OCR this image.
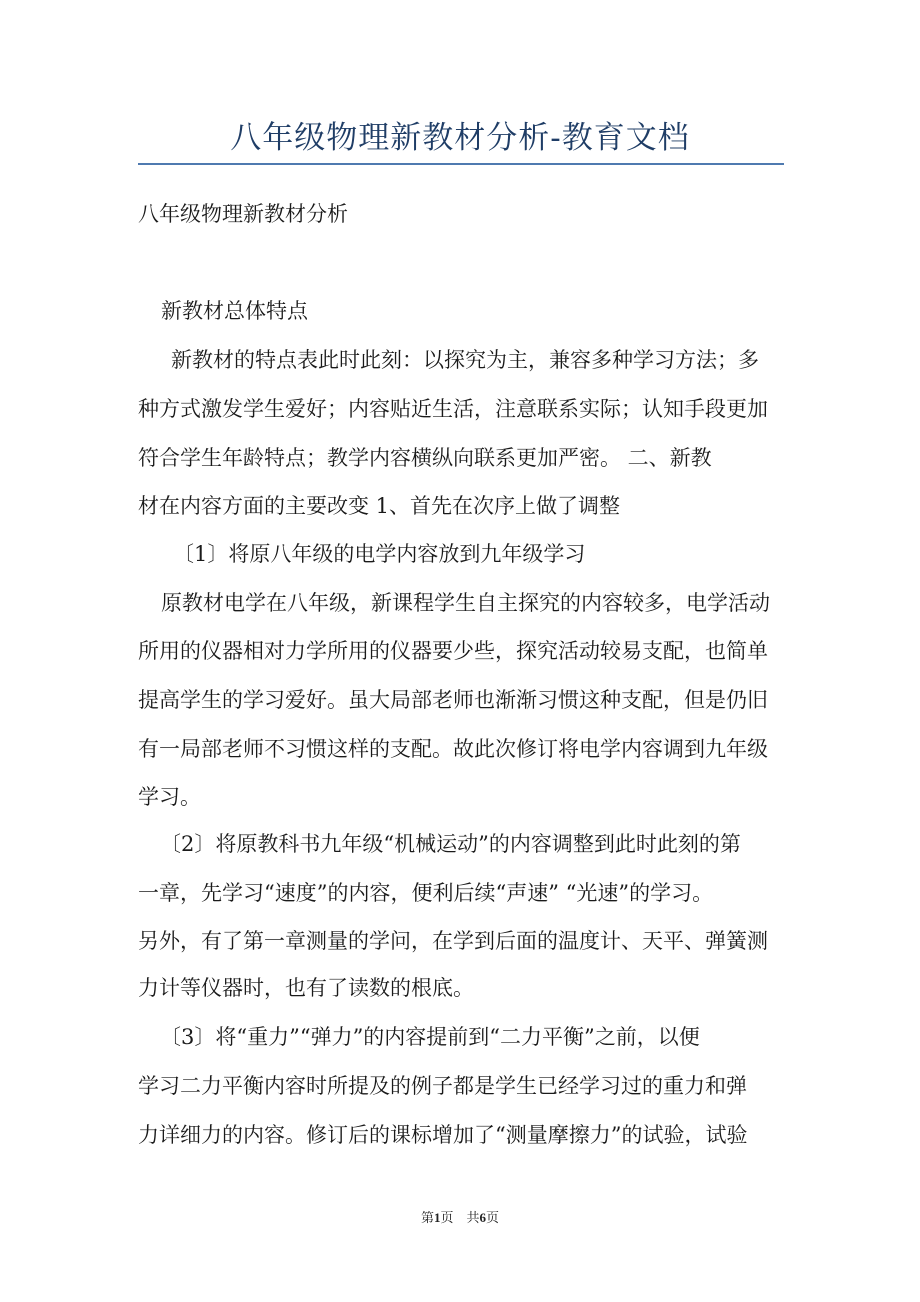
八年级物理新教材分析-教育文档
八年级物理新教材分析
新教材总体特点
新教材的特点表此时此刻：以探究为主，兼容多种学习方法；多
种方式激发学生爱好；内容贴近生活，注意联系实际；认知手段更加
符合学生年龄特点；教学内容横纵向联系更加严密。 二、新教
材在内容方面的主要改变 1、首先在次序上做了调整
〔1〕将原八年级的电学内容放到九年级学习
原教材电学在八年级，新课程学生自主探究的内容较多，电学活动
所用的仪器相对力学所用的仪器要少些，探究活动较易支配，也简单
提高学生的学习爱好。虽大局部老师也渐渐习惯这种支配，但是仍旧
有一局部老师不习惯这样的支配。故此次修订将电学内容调到九年级
学习。
〔2〕将原教科书九年级“机械运动”的内容调整到此时此刻的第
一章，先学习“速度”的内容，便利后续“声速” “光速”的学习。
另外，有了第一章测量的学问，在学到后面的温度计、天平、弹簧测
力计等仪器时，也有了读数的根底。
〔3〕将“重力”“弹力”的内容提前到“二力平衡”之前，以便
学习二力平衡内容时所提及的例子都是学生已经学习过的重力和弹
力详细力的内容。修订后的课标增加了“测量摩擦力”的试验，试验
第1页　共6页
